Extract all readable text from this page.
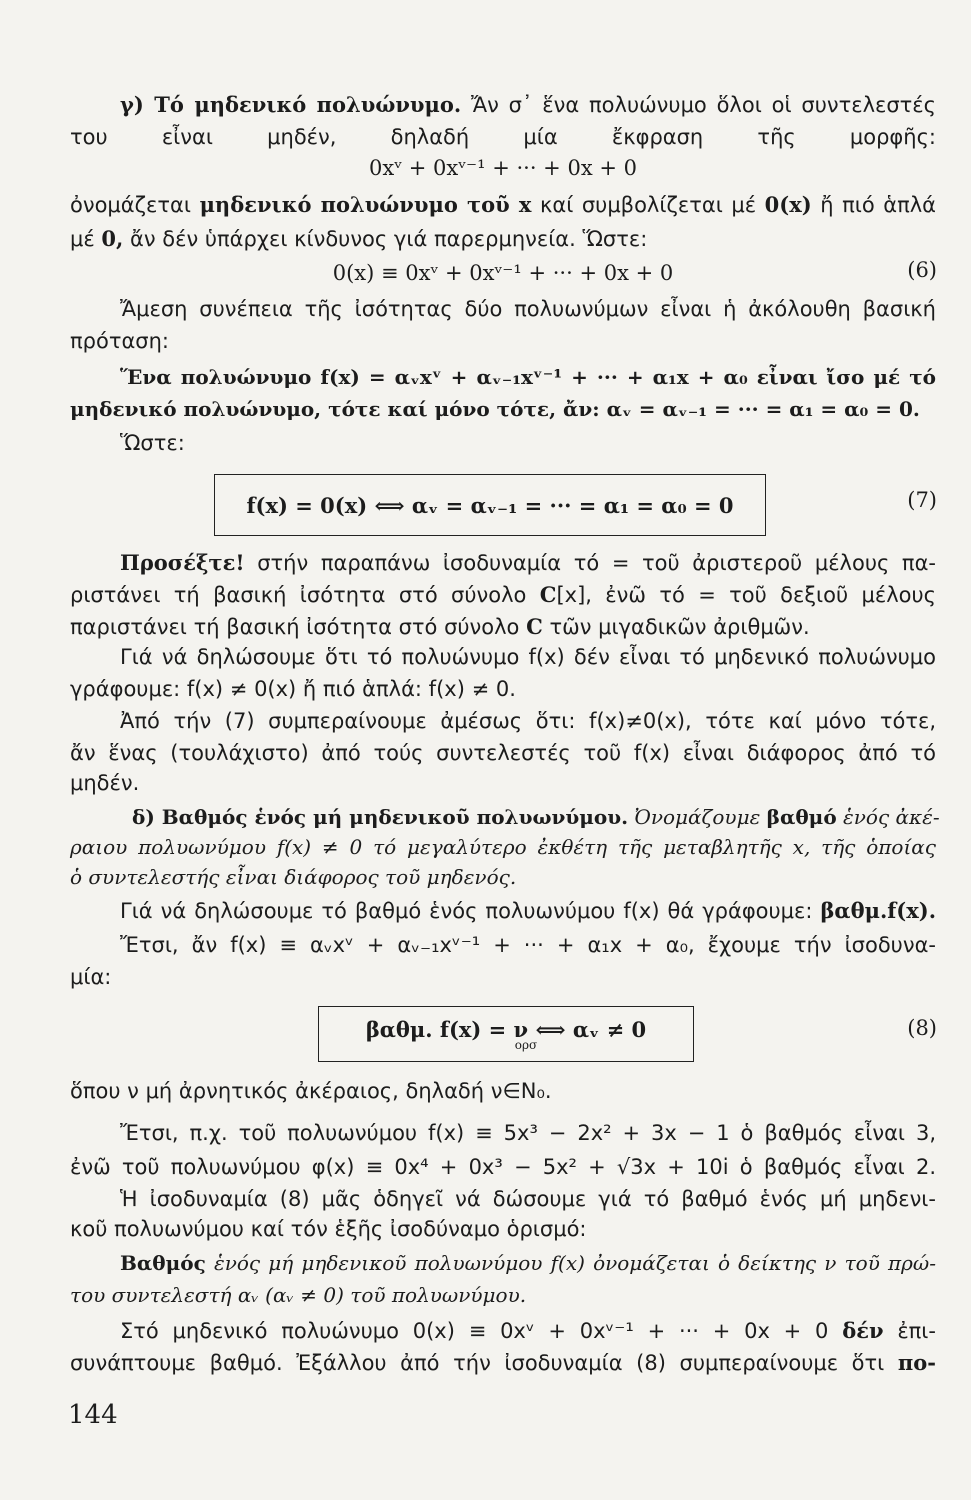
γ) Τό μηδενικό πολυώνυμο. Ἄν σ᾽ ἕνα πολυώνυμο ὅλοι οἱ συντελεστές
του εἶναι μηδέν, δηλαδή μία ἔκφραση τῆς μορφῆς:
0xᵛ + 0xᵛ⁻¹ + ··· + 0x + 0
ὀνομάζεται μηδενικό πολυώνυμο τοῦ x καί συμβολίζεται μέ 0(x) ἤ πιό ἁπλά
μέ 0, ἄν δέν ὑπάρχει κίνδυνος γιά παρερμηνεία. Ὥστε:
0(x) ≡ 0xᵛ + 0xᵛ⁻¹ + ··· + 0x + 0	(6)
Ἄμεση συνέπεια τῆς ἰσότητας δύο πολυωνύμων εἶναι ἡ ἀκόλουθη βασική
πρόταση:
Ἕνα πολυώνυμο f(x) = αᵥxᵛ + αᵥ₋₁xᵛ⁻¹ + ··· + α₁x + α₀ εἶναι ἴσο μέ τό
μηδενικό πολυώνυμο, τότε καί μόνο τότε, ἄν: αᵥ = αᵥ₋₁ = ··· = α₁ = α₀ = 0.
Ὥστε:
f(x) = 0(x) ⟺ αᵥ = αᵥ₋₁ = ··· = α₁ = α₀ = 0	(7)
Προσέξτε! στήν παραπάνω ἰσοδυναμία τό = τοῦ ἀριστεροῦ μέλους πα-
ριστάνει τή βασική ἰσότητα στό σύνολο C[x], ἐνῶ τό = τοῦ δεξιοῦ μέλους
παριστάνει τή βασική ἰσότητα στό σύνολο C τῶν μιγαδικῶν ἀριθμῶν.
Γιά νά δηλώσουμε ὅτι τό πολυώνυμο f(x) δέν εἶναι τό μηδενικό πολυώνυμο
γράφουμε: f(x) ≠ 0(x) ἤ πιό ἁπλά: f(x) ≠ 0.
Ἀπό τήν (7) συμπεραίνουμε ἀμέσως ὅτι: f(x)≠0(x), τότε καί μόνο τότε,
ἄν ἕνας (τουλάχιστο) ἀπό τούς συντελεστές τοῦ f(x) εἶναι διάφορος ἀπό τό
μηδέν.
δ) Βαθμός ἑνός μή μηδενικοῦ πολυωνύμου. Ὀνομάζουμε βαθμό ἑνός ἀκέ-
ραιου πολυωνύμου f(x) ≠ 0 τό μεγαλύτερο ἐκθέτη τῆς μεταβλητῆς x, τῆς ὁποίας
ὁ συντελεστής εἶναι διάφορος τοῦ μηδενός.
Γιά νά δηλώσουμε τό βαθμό ἑνός πολυωνύμου f(x) θά γράφουμε: βαθμ.f(x).
Ἔτσι, ἄν f(x) ≡ αᵥxᵛ + αᵥ₋₁xᵛ⁻¹ + ··· + α₁x + α₀, ἔχουμε τήν ἰσοδυνα-
μία:
βαθμ. f(x) = ν ⟺ αᵥ ≠ 0
ορσ
(8)
ὅπου ν μή ἀρνητικός ἀκέραιος, δηλαδή ν∈N₀.
Ἔτσι, π.χ. τοῦ πολυωνύμου f(x) ≡ 5x³ − 2x² + 3x − 1 ὁ βαθμός εἶναι 3,
ἐνῶ τοῦ πολυωνύμου φ(x) ≡ 0x⁴ + 0x³ − 5x² + √3x + 10i ὁ βαθμός εἶναι 2.
Ἡ ἰσοδυναμία (8) μᾶς ὁδηγεῖ νά δώσουμε γιά τό βαθμό ἑνός μή μηδενι-
κοῦ πολυωνύμου καί τόν ἑξῆς ἰσοδύναμο ὁρισμό:
Βαθμός ἑνός μή μηδενικοῦ πολυωνύμου f(x) ὀνομάζεται ὁ δείκτης ν τοῦ πρώ-
του συντελεστή αᵥ (αᵥ ≠ 0) τοῦ πολυωνύμου.
Στό μηδενικό πολυώνυμο 0(x) ≡ 0xᵛ + 0xᵛ⁻¹ + ··· + 0x + 0 δέν ἐπι-
συνάπτουμε βαθμό. Ἐξάλλου ἀπό τήν ἰσοδυναμία (8) συμπεραίνουμε ὅτι πο-
144
